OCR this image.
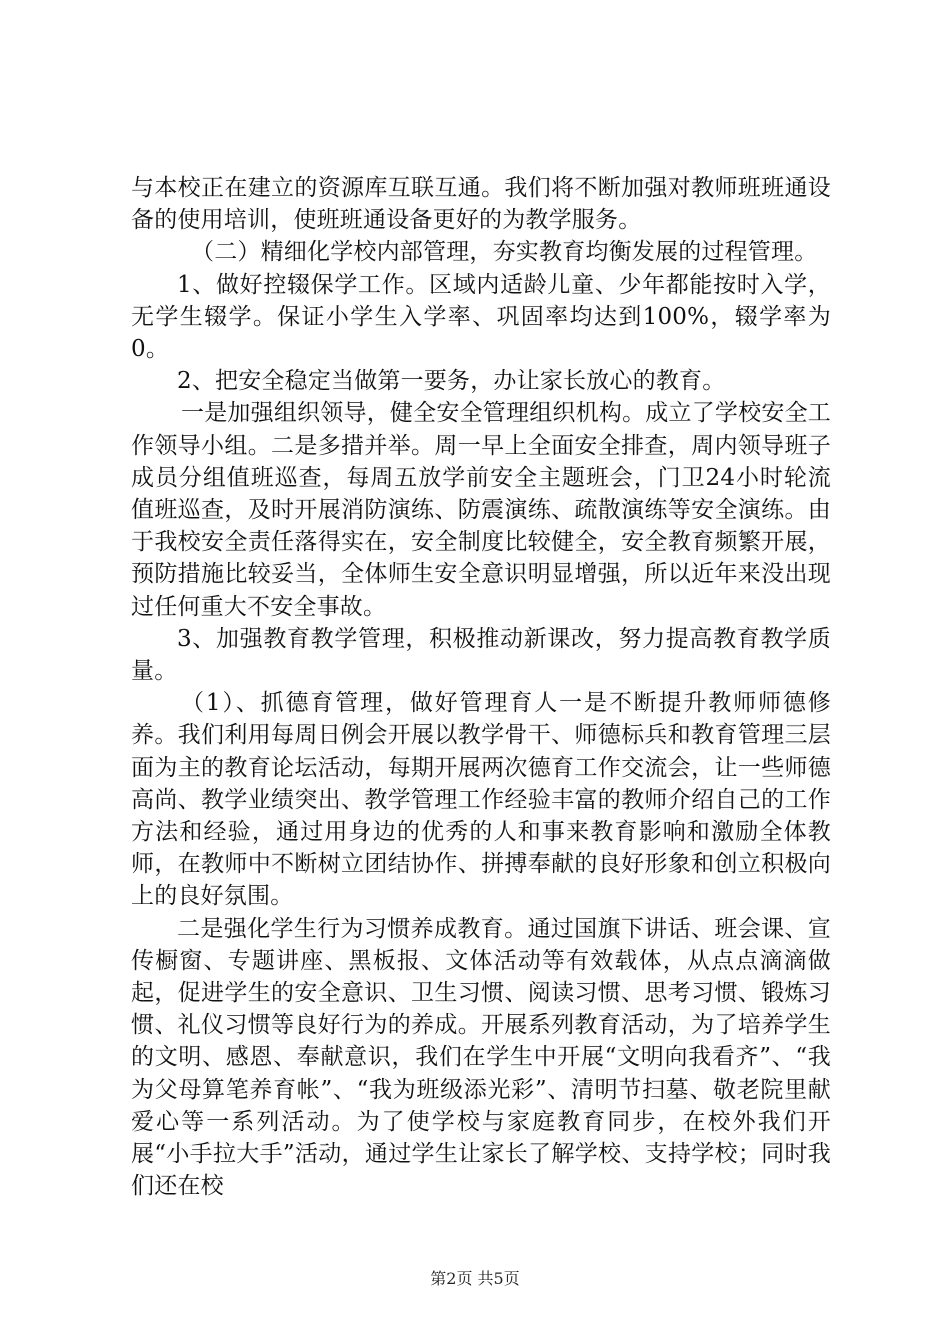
与本校正在建立的资源库互联互通。我们将不断加强对教师班班通设备的使用培训，使班班通设备更好的为教学服务。

（二）精细化学校内部管理，夯实教育均衡发展的过程管理。

1、做好控辍保学工作。区域内适龄儿童、少年都能按时入学，无学生辍学。保证小学生入学率、巩固率均达到100%，辍学率为0。

2、把安全稳定当做第一要务，办让家长放心的教育。

一是加强组织领导，健全安全管理组织机构。成立了学校安全工作领导小组。二是多措并举。周一早上全面安全排查，周内领导班子成员分组值班巡查，每周五放学前安全主题班会，门卫24小时轮流值班巡查，及时开展消防演练、防震演练、疏散演练等安全演练。由于我校安全责任落得实在，安全制度比较健全，安全教育频繁开展，预防措施比较妥当，全体师生安全意识明显增强，所以近年来没出现过任何重大不安全事故。

3、加强教育教学管理，积极推动新课改，努力提高教育教学质量。

（1）、抓德育管理，做好管理育人一是不断提升教师师德修养。我们利用每周日例会开展以教学骨干、师德标兵和教育管理三层面为主的教育论坛活动，每期开展两次德育工作交流会，让一些师德高尚、教学业绩突出、教学管理工作经验丰富的教师介绍自己的工作方法和经验，通过用身边的优秀的人和事来教育影响和激励全体教师，在教师中不断树立团结协作、拼搏奉献的良好形象和创立积极向上的良好氛围。

二是强化学生行为习惯养成教育。通过国旗下讲话、班会课、宣传橱窗、专题讲座、黑板报、文体活动等有效载体，从点点滴滴做起，促进学生的安全意识、卫生习惯、阅读习惯、思考习惯、锻炼习惯、礼仪习惯等良好行为的养成。开展系列教育活动，为了培养学生的文明、感恩、奉献意识，我们在学生中开展“文明向我看齐”、“我为父母算笔养育帐”、“我为班级添光彩”、清明节扫墓、敬老院里献爱心等一系列活动。为了使学校与家庭教育同步，在校外我们开展“小手拉大手”活动，通过学生让家长了解学校、支持学校；同时我们还在校

第2页 共5页
